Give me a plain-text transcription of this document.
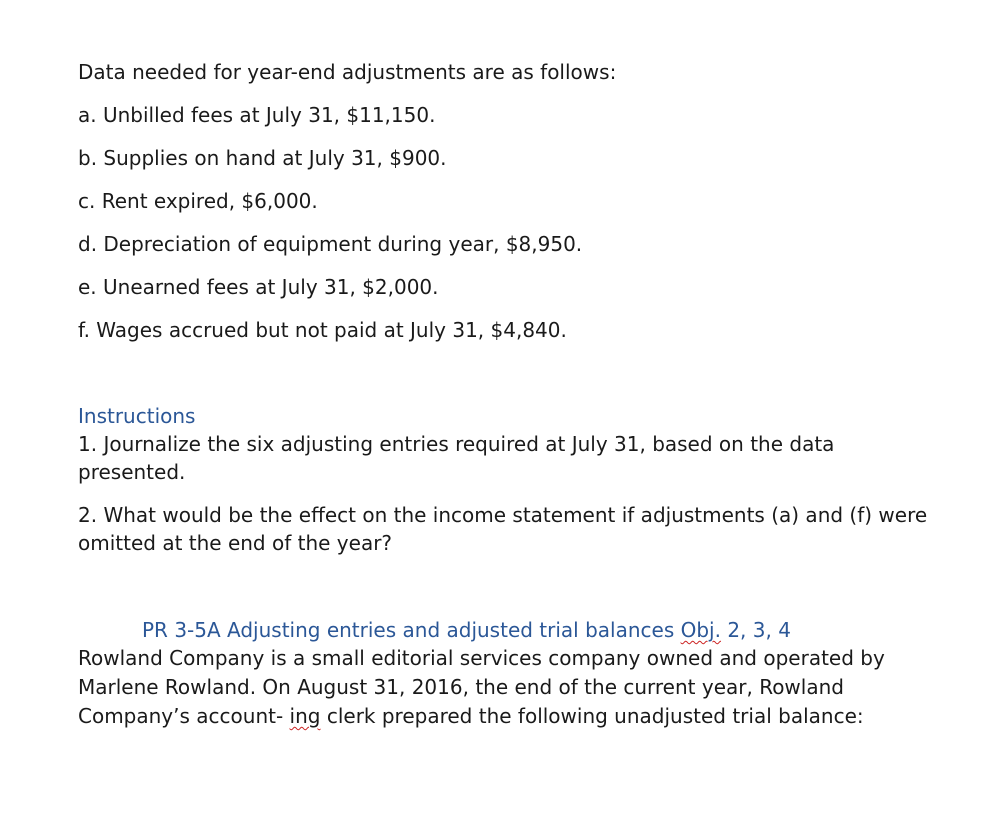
Data needed for year-end adjustments are as follows:
a. Unbilled fees at July 31, $11,150.
b. Supplies on hand at July 31, $900.
c. Rent expired, $6,000.
d. Depreciation of equipment during year, $8,950.
e. Unearned fees at July 31, $2,000.
f. Wages accrued but not paid at July 31, $4,840.
Instructions
1. Journalize the six adjusting entries required at July 31, based on the data presented.
2. What would be the effect on the income statement if adjustments (a) and (f) were omitted at the end of the year?
PR 3-5A Adjusting entries and adjusted trial balances Obj. 2, 3, 4
Rowland Company is a small editorial services company owned and operated by Marlene Rowland. On August 31, 2016, the end of the current year, Rowland Company’s account- ing clerk prepared the following unadjusted trial balance:
